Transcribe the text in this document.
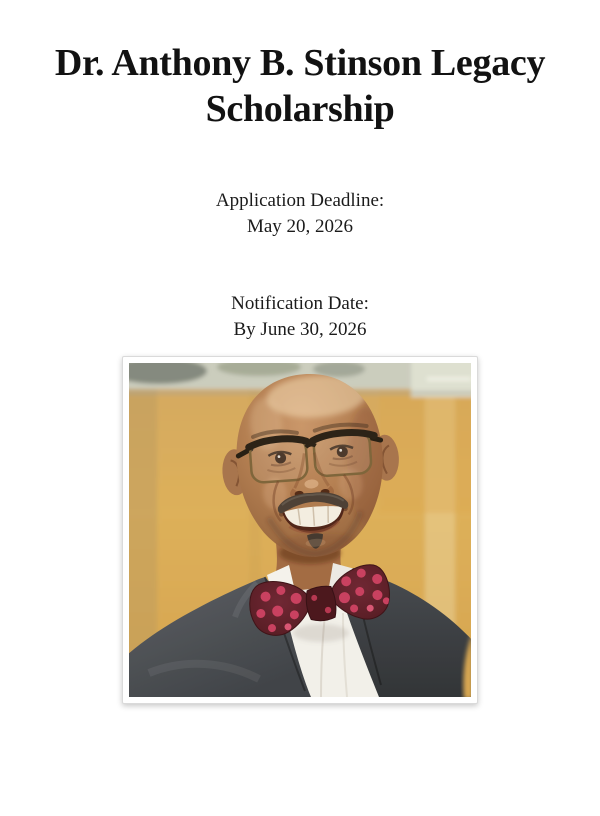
Dr. Anthony B. Stinson Legacy Scholarship
Application Deadline:
May 20, 2026
Notification Date:
By June 30, 2026
